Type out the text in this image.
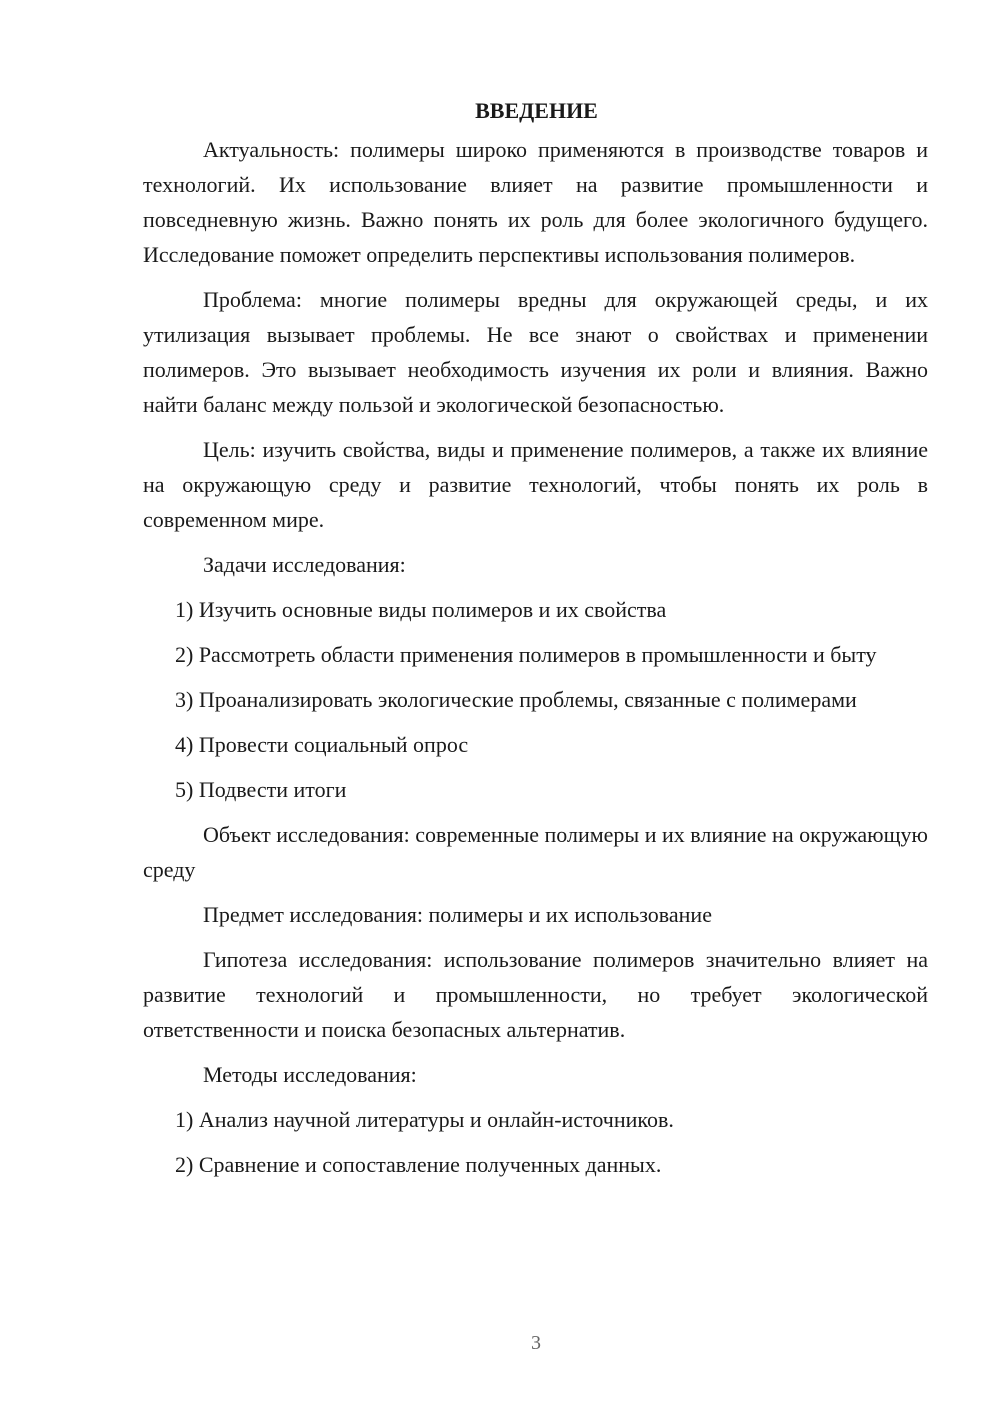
ВВЕДЕНИЕ

Актуальность: полимеры широко применяются в производстве товаров и технологий. Их использование влияет на развитие промышленности и повседневную жизнь. Важно понять их роль для более экологичного будущего. Исследование поможет определить перспективы использования полимеров.

Проблема: многие полимеры вредны для окружающей среды, и их утилизация вызывает проблемы. Не все знают о свойствах и применении полимеров. Это вызывает необходимость изучения их роли и влияния. Важно найти баланс между пользой и экологической безопасностью.

Цель: изучить свойства, виды и применение полимеров, а также их влияние на окружающую среду и развитие технологий, чтобы понять их роль в современном мире.

Задачи исследования:

1) Изучить основные виды полимеров и их свойства

2) Рассмотреть области применения полимеров в промышленности и быту

3) Проанализировать экологические проблемы, связанные с полимерами

4) Провести социальный опрос

5) Подвести итоги

Объект исследования: современные полимеры и их влияние на окружающую среду

Предмет исследования: полимеры и их использование

Гипотеза исследования: использование полимеров значительно влияет на развитие технологий и промышленности, но требует экологической ответственности и поиска безопасных альтернатив.

Методы исследования:

1) Анализ научной литературы и онлайн-источников.

2) Сравнение и сопоставление полученных данных.

3
